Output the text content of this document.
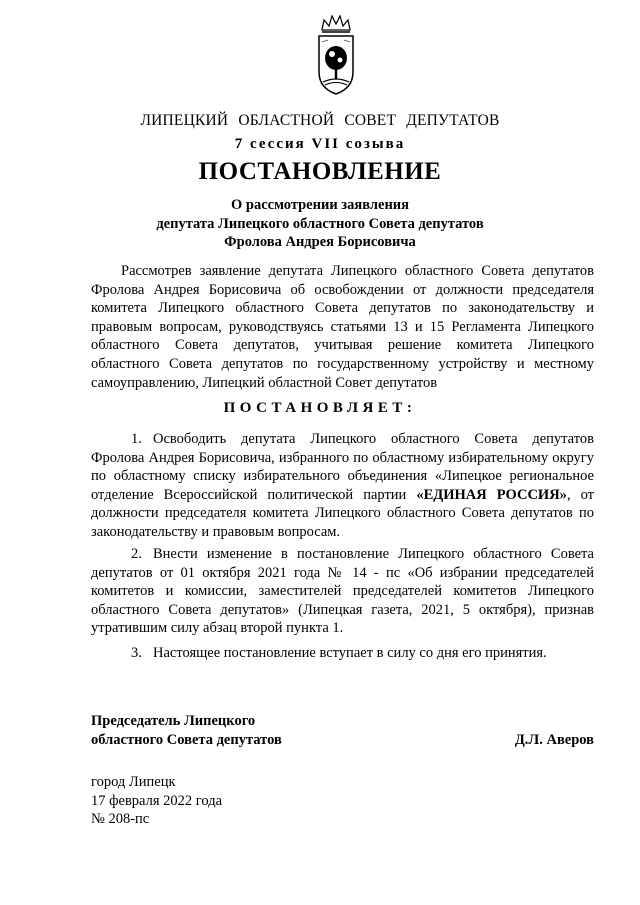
ЛИПЕЦКИЙ ОБЛАСТНОЙ СОВЕТ ДЕПУТАТОВ
7 сессия VII созыва
ПОСТАНОВЛЕНИЕ
О рассмотрении заявления
депутата Липецкого областного Совета депутатов
Фролова Андрея Борисовича
Рассмотрев заявление депутата Липецкого областного Совета депутатов Фролова Андрея Борисовича об освобождении от должности председателя комитета Липецкого областного Совета депутатов по законодательству и правовым вопросам, руководствуясь статьями 13 и 15 Регламента Липецкого областного Совета депутатов, учитывая решение комитета Липецкого областного Совета депутатов по государственному устройству и местному самоуправлению, Липецкий областной Совет депутатов
ПОСТАНОВЛЯЕТ:
1. Освободить депутата Липецкого областного Совета депутатов Фролова Андрея Борисовича, избранного по областному избирательному округу по областному списку избирательного объединения «Липецкое региональное отделение Всероссийской политической партии «ЕДИНАЯ РОССИЯ», от должности председателя комитета Липецкого областного Совета депутатов по законодательству и правовым вопросам.
2. Внести изменение в постановление Липецкого областного Совета депутатов от 01 октября 2021 года № 14 - пс «Об избрании председателей комитетов и комиссии, заместителей председателей комитетов Липецкого областного Совета депутатов» (Липецкая газета, 2021, 5 октября), признав утратившим силу абзац второй пункта 1.
3. Настоящее постановление вступает в силу со дня его принятия.
Председатель Липецкого
областного Совета депутатов	Д.Л. Аверов
город Липецк
17 февраля 2022 года
№ 208-пс
